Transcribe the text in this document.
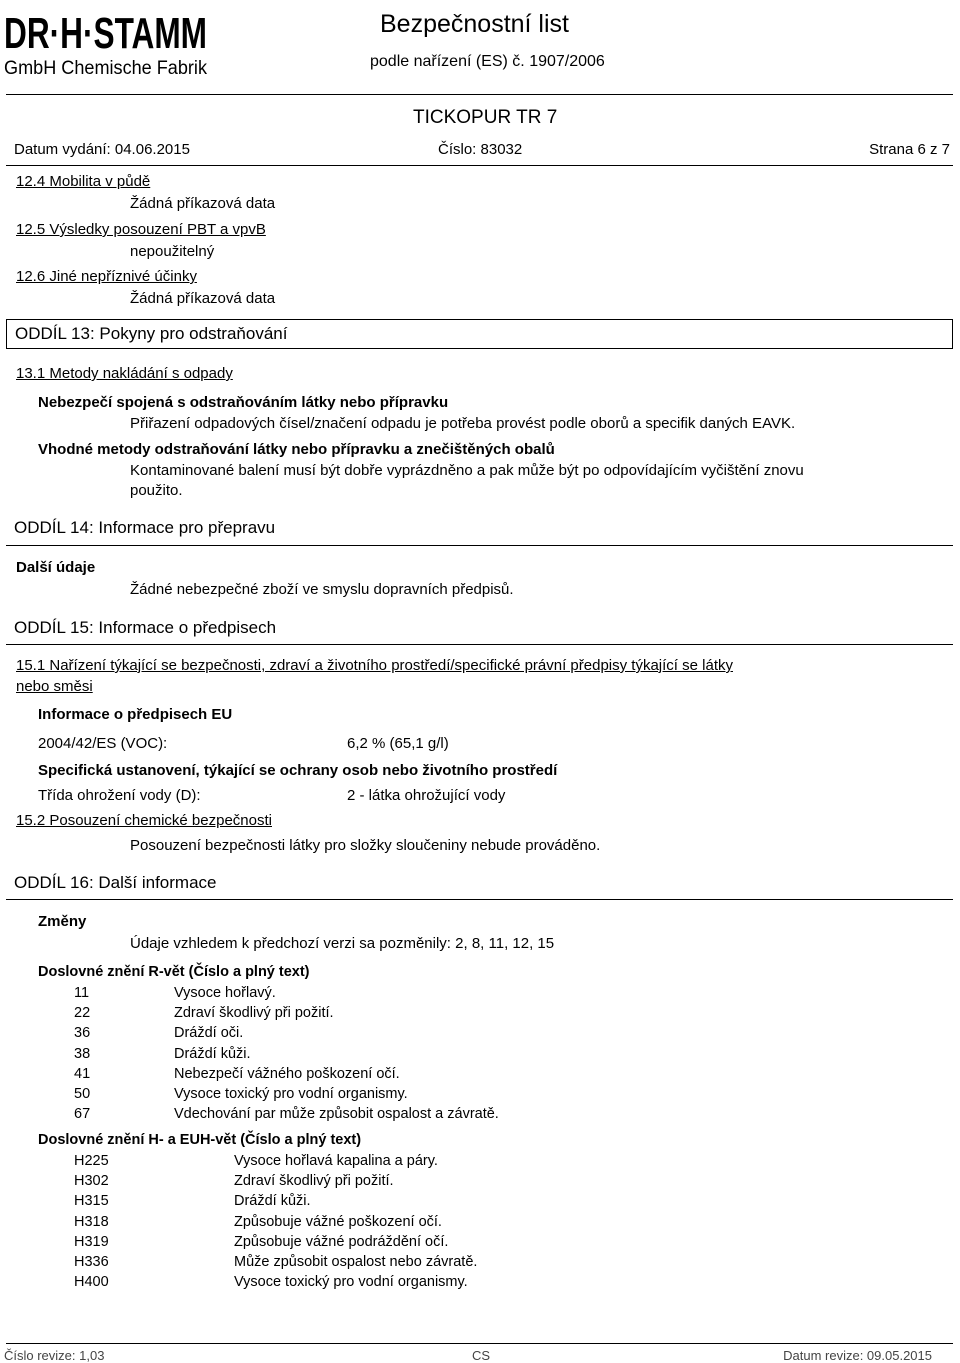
DR·H·STAMM
GmbH Chemische Fabrik
Bezpečnostní list
podle nařízení (ES) č. 1907/2006
TICKOPUR TR 7
Datum vydání: 04.06.2015	Číslo: 83032	Strana 6 z 7
12.4 Mobilita v půdě
Žádná příkazová data
12.5 Výsledky posouzení PBT a vpvB
nepoužitelný
12.6 Jiné nepříznivé účinky
Žádná příkazová data
ODDÍL 13: Pokyny pro odstraňování
13.1 Metody nakládání s odpady
Nebezpečí spojená s odstraňováním látky nebo přípravku
Přiřazení odpadových čísel/značení odpadu je potřeba provést podle oborů a specifik daných EAVK.
Vhodné metody odstraňování látky nebo přípravku a znečištěných obalů
Kontaminované balení musí být dobře vyprázdněno a pak může být po odpovídajícím vyčištění znovu
použito.
ODDÍL 14: Informace pro přepravu
Další údaje
Žádné nebezpečné zboží ve smyslu dopravních předpisů.
ODDÍL 15: Informace o předpisech
15.1 Nařízení týkající se bezpečnosti, zdraví a životního prostředí/specifické právní předpisy týkající se látky
nebo směsi
Informace o předpisech EU
2004/42/ES (VOC):	6,2 % (65,1 g/l)
Specifická ustanovení, týkající se ochrany osob nebo životního prostředí
Třída ohrožení vody (D):	2 - látka ohrožující vody
15.2 Posouzení chemické bezpečnosti
Posouzení bezpečnosti látky pro složky sloučeniny nebude prováděno.
ODDÍL 16: Další informace
Změny
Údaje vzhledem k předchozí verzi sa pozměnily: 2, 8, 11, 12, 15
Doslovné znění R-vět (Číslo a plný text)
11	Vysoce hořlavý.
22	Zdraví škodlivý při požití.
36	Dráždí oči.
38	Dráždí kůži.
41	Nebezpečí vážného poškození očí.
50	Vysoce toxický pro vodní organismy.
67	Vdechování par může způsobit ospalost a závratě.
Doslovné znění H- a EUH-vět (Číslo a plný text)
H225	Vysoce hořlavá kapalina a páry.
H302	Zdraví škodlivý při požití.
H315	Dráždí kůži.
H318	Způsobuje vážné poškození očí.
H319	Způsobuje vážné podráždění očí.
H336	Může způsobit ospalost nebo závratě.
H400	Vysoce toxický pro vodní organismy.
Číslo revize: 1,03	CS	Datum revize: 09.05.2015
